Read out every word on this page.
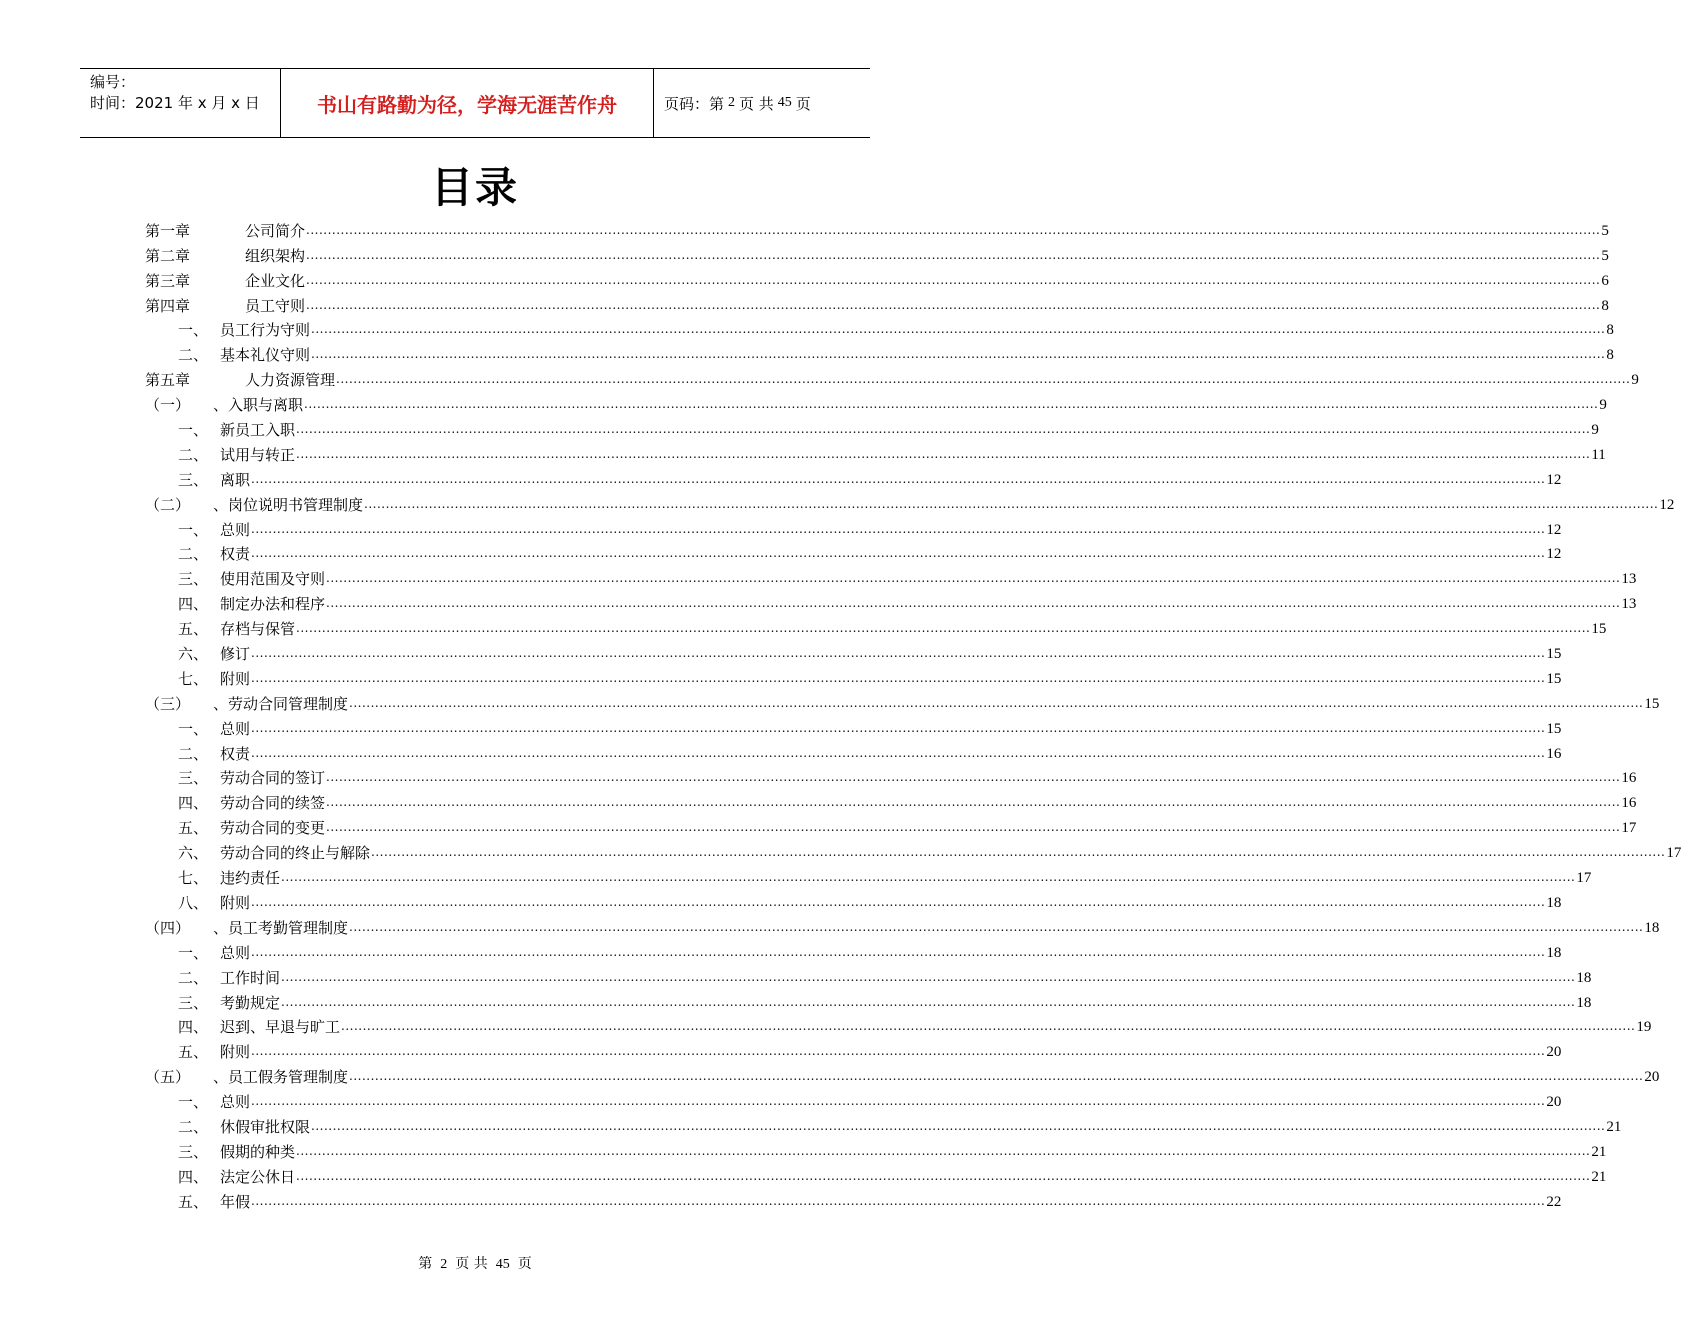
编号：
时间：2021 年 x 月 x 日	书山有路勤为径，学海无涯苦作舟	页码：第 2 页 共 45 页
目录
第一章	公司简介 ............................................................................................................................................................................................................................................................................................................ 5
第二章	组织架构 ............................................................................................................................................................................................................................................................................................................ 5
第三章	企业文化 ............................................................................................................................................................................................................................................................................................................ 6
第四章	员工守则 ............................................................................................................................................................................................................................................................................................................ 8
一、 员工行为守则 ............................................................................................................................................................................................................................................................................................................ 8
二、 基本礼仪守则 ............................................................................................................................................................................................................................................................................................................ 8
第五章	人力资源管理 ............................................................................................................................................................................................................................................................................................................ 9
（一）	、入职与离职 ............................................................................................................................................................................................................................................................................................................ 9
一、 新员工入职 ............................................................................................................................................................................................................................................................................................................ 9
二、 试用与转正 ............................................................................................................................................................................................................................................................................................................ 11
三、 离职 ............................................................................................................................................................................................................................................................................................................ 12
（二）	、岗位说明书管理制度 ............................................................................................................................................................................................................................................................................................................ 12
一、 总则 ............................................................................................................................................................................................................................................................................................................ 12
二、 权责 ............................................................................................................................................................................................................................................................................................................ 12
三、 使用范围及守则 ............................................................................................................................................................................................................................................................................................................ 13
四、 制定办法和程序 ............................................................................................................................................................................................................................................................................................................ 13
五、 存档与保管 ............................................................................................................................................................................................................................................................................................................ 15
六、 修订 ............................................................................................................................................................................................................................................................................................................ 15
七、 附则 ............................................................................................................................................................................................................................................................................................................ 15
（三）	、劳动合同管理制度 ............................................................................................................................................................................................................................................................................................................ 15
一、 总则 ............................................................................................................................................................................................................................................................................................................ 15
二、 权责 ............................................................................................................................................................................................................................................................................................................ 16
三、 劳动合同的签订 ............................................................................................................................................................................................................................................................................................................ 16
四、 劳动合同的续签 ............................................................................................................................................................................................................................................................................................................ 16
五、 劳动合同的变更 ............................................................................................................................................................................................................................................................................................................ 17
六、 劳动合同的终止与解除 ............................................................................................................................................................................................................................................................................................................ 17
七、 违约责任 ............................................................................................................................................................................................................................................................................................................ 17
八、 附则 ............................................................................................................................................................................................................................................................................................................ 18
（四）	、员工考勤管理制度 ............................................................................................................................................................................................................................................................................................................ 18
一、 总则 ............................................................................................................................................................................................................................................................................................................ 18
二、 工作时间 ............................................................................................................................................................................................................................................................................................................ 18
三、 考勤规定 ............................................................................................................................................................................................................................................................................................................ 18
四、 迟到、早退与旷工 ............................................................................................................................................................................................................................................................................................................ 19
五、 附则 ............................................................................................................................................................................................................................................................................................................ 20
（五）	、员工假务管理制度 ............................................................................................................................................................................................................................................................................................................ 20
一、 总则 ............................................................................................................................................................................................................................................................................................................ 20
二、 休假审批权限 ............................................................................................................................................................................................................................................................................................................ 21
三、 假期的种类 ............................................................................................................................................................................................................................................................................................................ 21
四、 法定公休日 ............................................................................................................................................................................................................................................................................................................ 21
五、 年假 ............................................................................................................................................................................................................................................................................................................ 22
第 2 页 共 45 页
